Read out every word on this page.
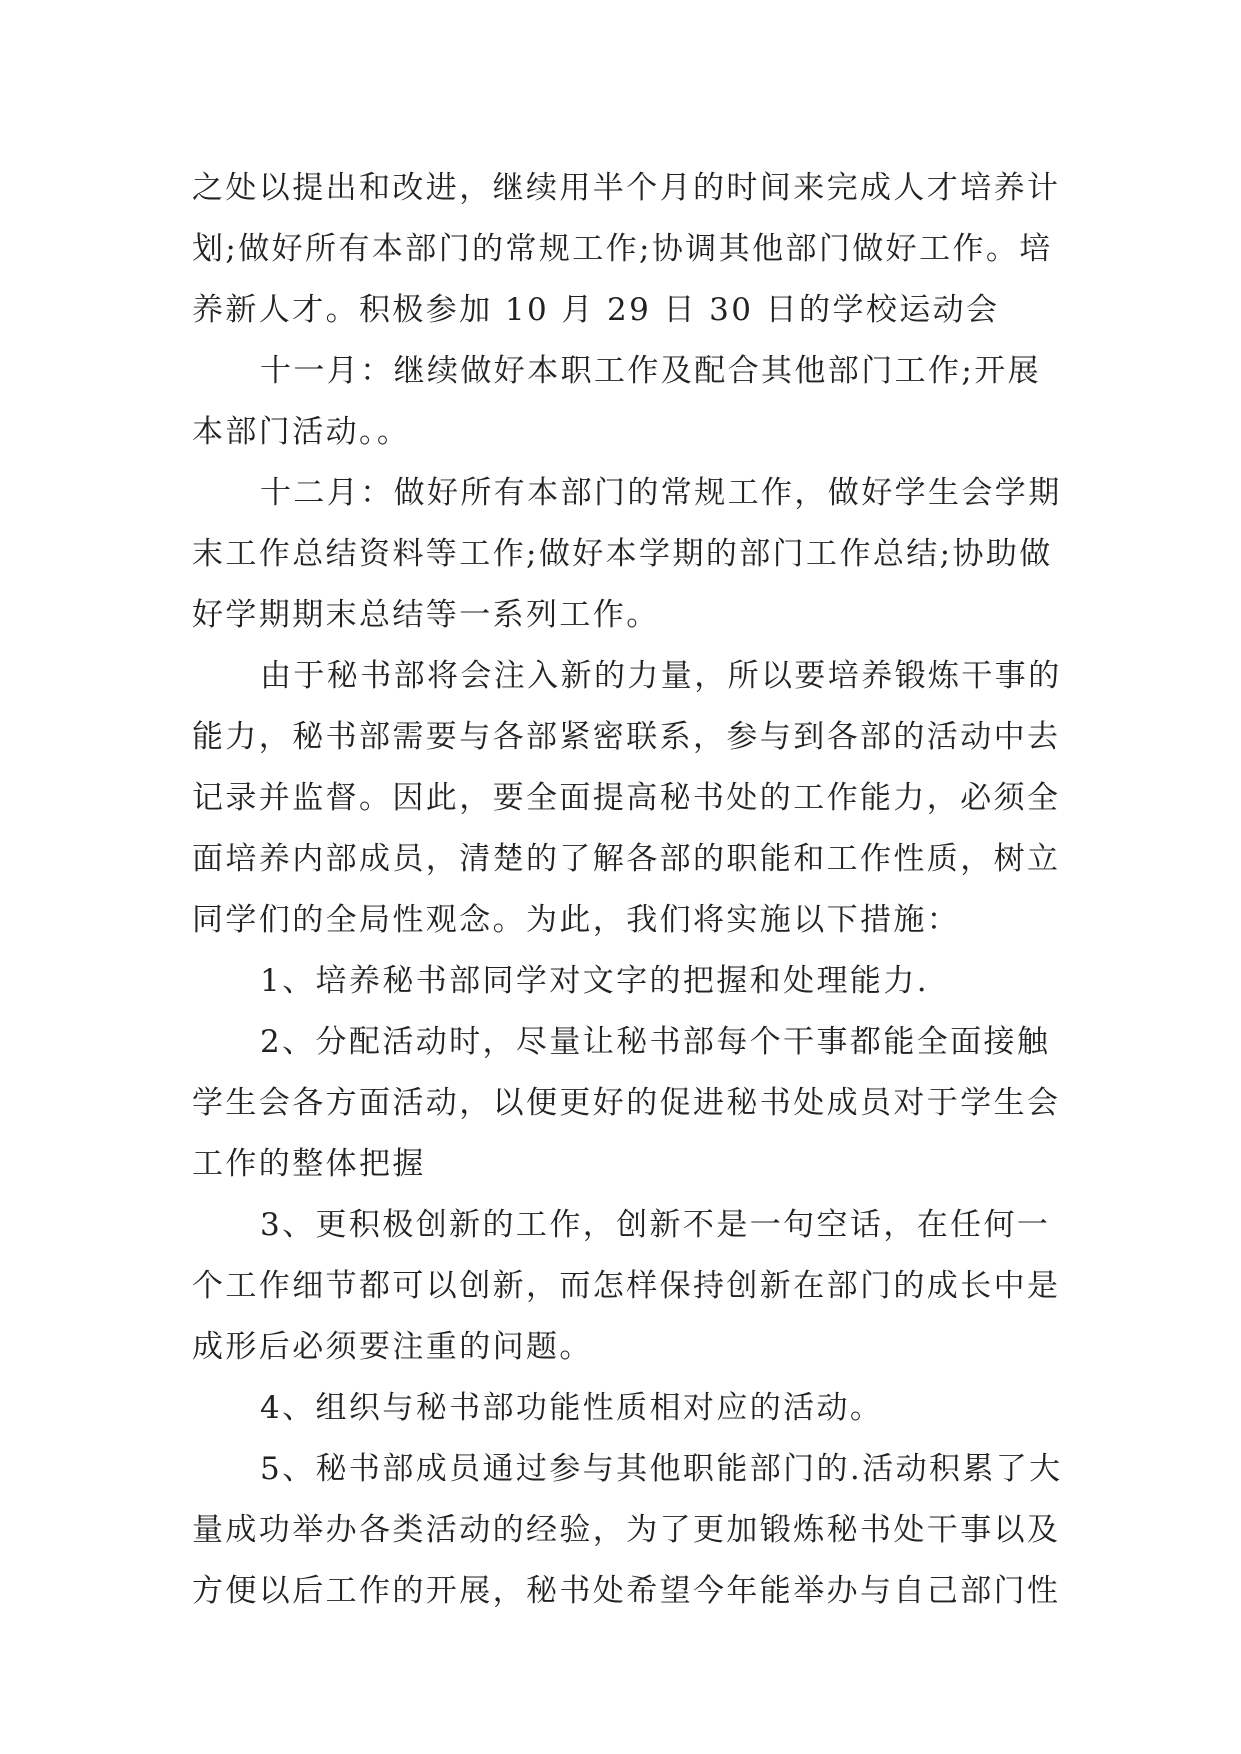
之处以提出和改进，继续用半个月的时间来完成人才培养计
划;做好所有本部门的常规工作;协调其他部门做好工作。培
养新人才。积极参加 10 月 29 日 30 日的学校运动会
十一月：继续做好本职工作及配合其他部门工作;开展
本部门活动。。
十二月：做好所有本部门的常规工作，做好学生会学期
末工作总结资料等工作;做好本学期的部门工作总结;协助做
好学期期末总结等一系列工作。
由于秘书部将会注入新的力量，所以要培养锻炼干事的
能力，秘书部需要与各部紧密联系，参与到各部的活动中去
记录并监督。因此，要全面提高秘书处的工作能力，必须全
面培养内部成员，清楚的了解各部的职能和工作性质，树立
同学们的全局性观念。为此，我们将实施以下措施：
1、培养秘书部同学对文字的把握和处理能力.
2、分配活动时，尽量让秘书部每个干事都能全面接触
学生会各方面活动，以便更好的促进秘书处成员对于学生会
工作的整体把握
3、更积极创新的工作，创新不是一句空话，在任何一
个工作细节都可以创新，而怎样保持创新在部门的成长中是
成形后必须要注重的问题。
4、组织与秘书部功能性质相对应的活动。
5、秘书部成员通过参与其他职能部门的.活动积累了大
量成功举办各类活动的经验，为了更加锻炼秘书处干事以及
方便以后工作的开展，秘书处希望今年能举办与自己部门性
